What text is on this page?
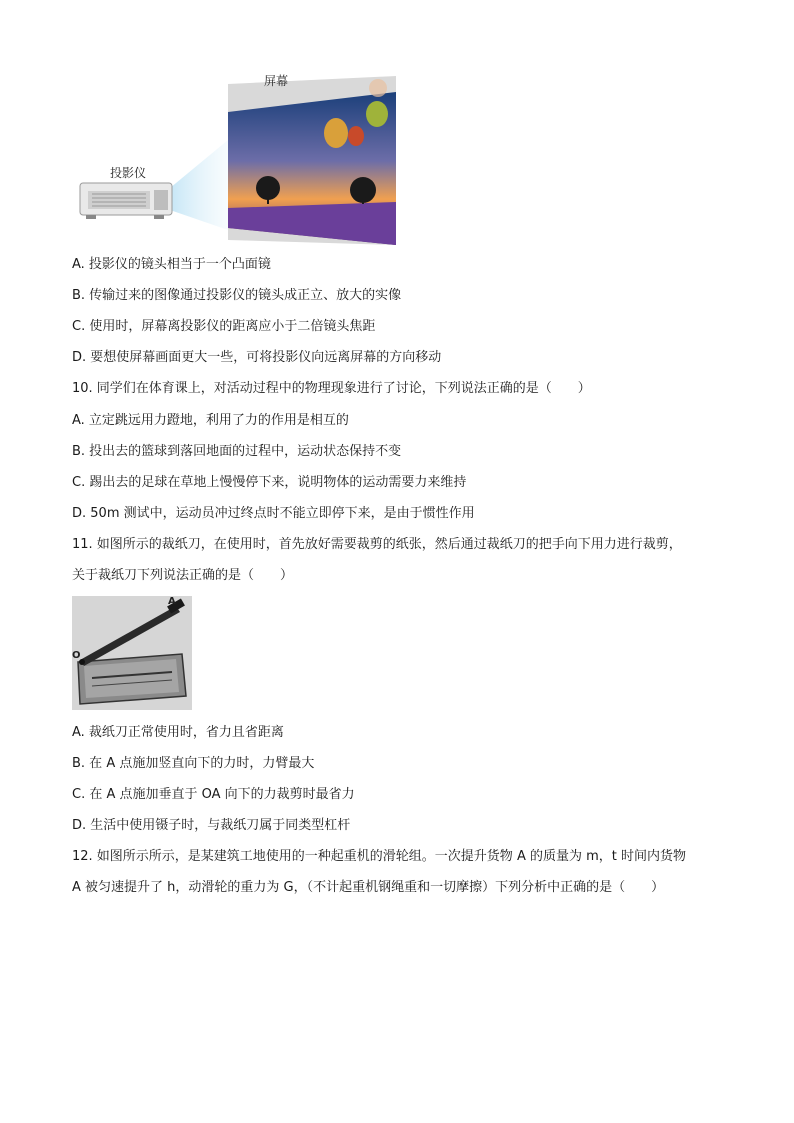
屏幕
投影仪
A. 投影仪的镜头相当于一个凸面镜
B. 传输过来的图像通过投影仪的镜头成正立、放大的实像
C. 使用时，屏幕离投影仪的距离应小于二倍镜头焦距
D. 要想使屏幕画面更大一些，可将投影仪向远离屏幕的方向移动
10. 同学们在体育课上，对活动过程中的物理现象进行了讨论，下列说法正确的是（　　）
A. 立定跳远用力蹬地，利用了力的作用是相互的
B. 投出去的篮球到落回地面的过程中，运动状态保持不变
C. 踢出去的足球在草地上慢慢停下来，说明物体的运动需要力来维持
D. 50m 测试中，运动员冲过终点时不能立即停下来，是由于惯性作用
11. 如图所示的裁纸刀，在使用时，首先放好需要裁剪的纸张，然后通过裁纸刀的把手向下用力进行裁剪，
关于裁纸刀下列说法正确的是（　　）
A
O
A. 裁纸刀正常使用时，省力且省距离
B. 在 A 点施加竖直向下的力时，力臂最大
C. 在 A 点施加垂直于 OA 向下的力裁剪时最省力
D. 生活中使用镊子时，与裁纸刀属于同类型杠杆
12. 如图所示所示，是某建筑工地使用的一种起重机的滑轮组。一次提升货物 A 的质量为 m，t 时间内货物
A 被匀速提升了 h，动滑轮的重力为 G，（不计起重机钢绳重和一切摩擦）下列分析中正确的是（　　）
